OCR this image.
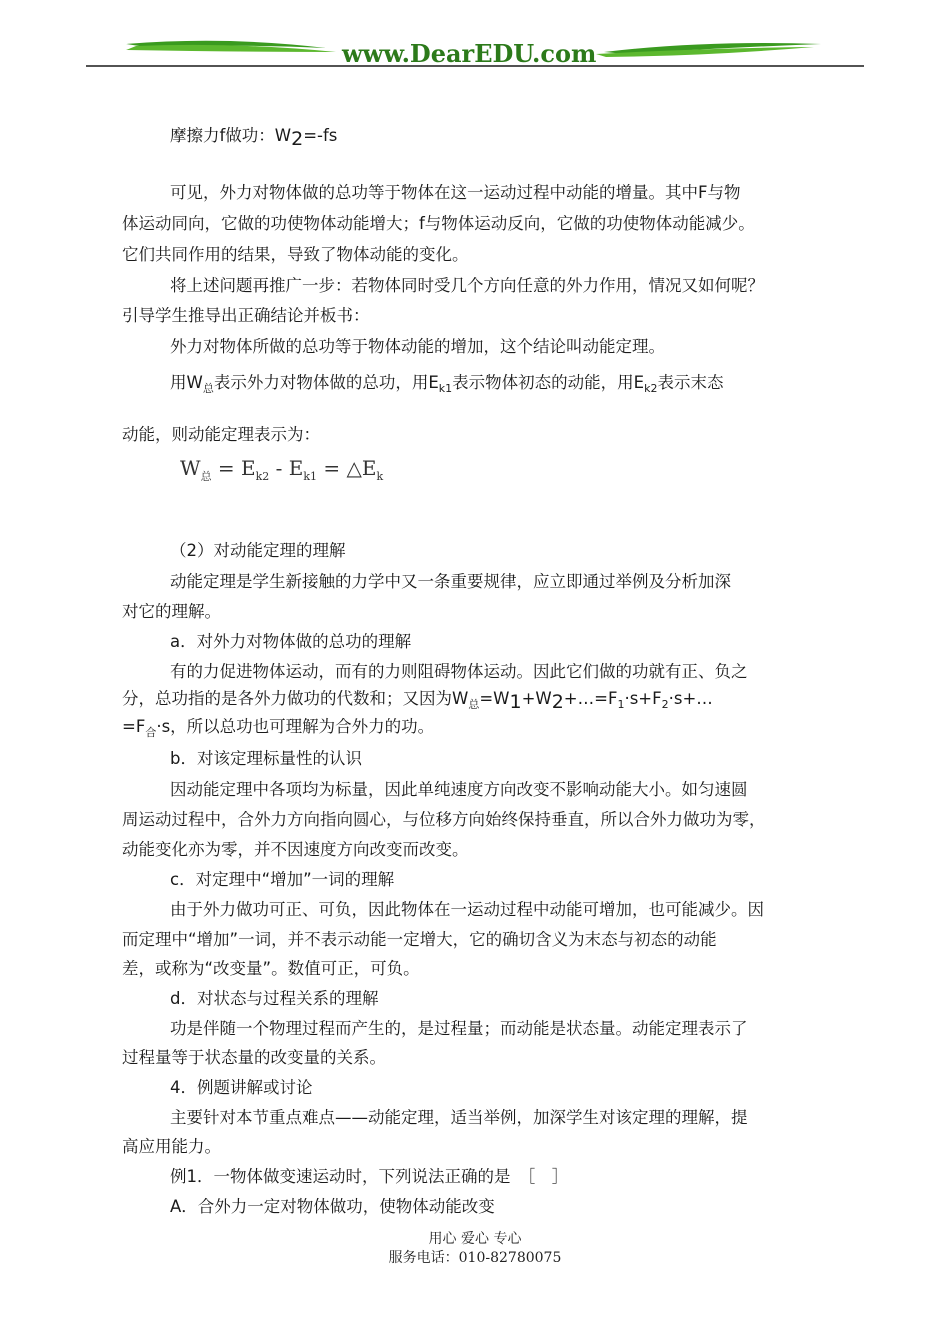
www.DearEDU.com
摩擦力f做功：$W_2=-fs$
可见，外力对物体做的总功等于物体在这一运动过程中动能的增量。其中F与物
体运动同向，它做的功使物体动能增大；f与物体运动反向，它做的功使物体动能减少。
它们共同作用的结果，导致了物体动能的变化。
将上述问题再推广一步：若物体同时受几个方向任意的外力作用，情况又如何呢？
引导学生推导出正确结论并板书：
外力对物体所做的总功等于物体动能的增加，这个结论叫动能定理。
用$W_总$表示外力对物体做的总功，用$E_{k1}$表示物体初态的动能，用$E_{k2}$表示末态
动能，则动能定理表示为：
$W_总 = E_{k2} - E_{k1}$ = $\triangle E_k$
（2）对动能定理的理解
动能定理是学生新接触的力学中又一条重要规律，应立即通过举例及分析加深
对它的理解。
a．对外力对物体做的总功的理解
有的力促进物体运动，而有的力则阻碍物体运动。因此它们做的功就有正、负之
分，总功指的是各外力做功的代数和；又因为$W_总=W_1+W_2+\dots=F_1\cdot s+F_2\cdot s+\dots$
$=F_合\cdot s$，所以总功也可理解为合外力的功。
b．对该定理标量性的认识
因动能定理中各项均为标量，因此单纯速度方向改变不影响动能大小。如匀速圆
周运动过程中，合外力方向指向圆心，与位移方向始终保持垂直，所以合外力做功为零，
动能变化亦为零，并不因速度方向改变而改变。
c．对定理中“增加”一词的理解
由于外力做功可正、可负，因此物体在一运动过程中动能可增加，也可能减少。因
而定理中“增加”一词，并不表示动能一定增大，它的确切含义为末态与初态的动能
差，或称为“改变量”。数值可正，可负。
d．对状态与过程关系的理解
功是伴随一个物理过程而产生的，是过程量；而动能是状态量。动能定理表示了
过程量等于状态量的改变量的关系。
4．例题讲解或讨论
主要针对本节重点难点——动能定理，适当举例，加深学生对该定理的理解，提
高应用能力。
例1．一物体做变速运动时，下列说法正确的是　［　］
A．合外力一定对物体做功，使物体动能改变
用心 爱心 专心
服务电话：010-82780075
